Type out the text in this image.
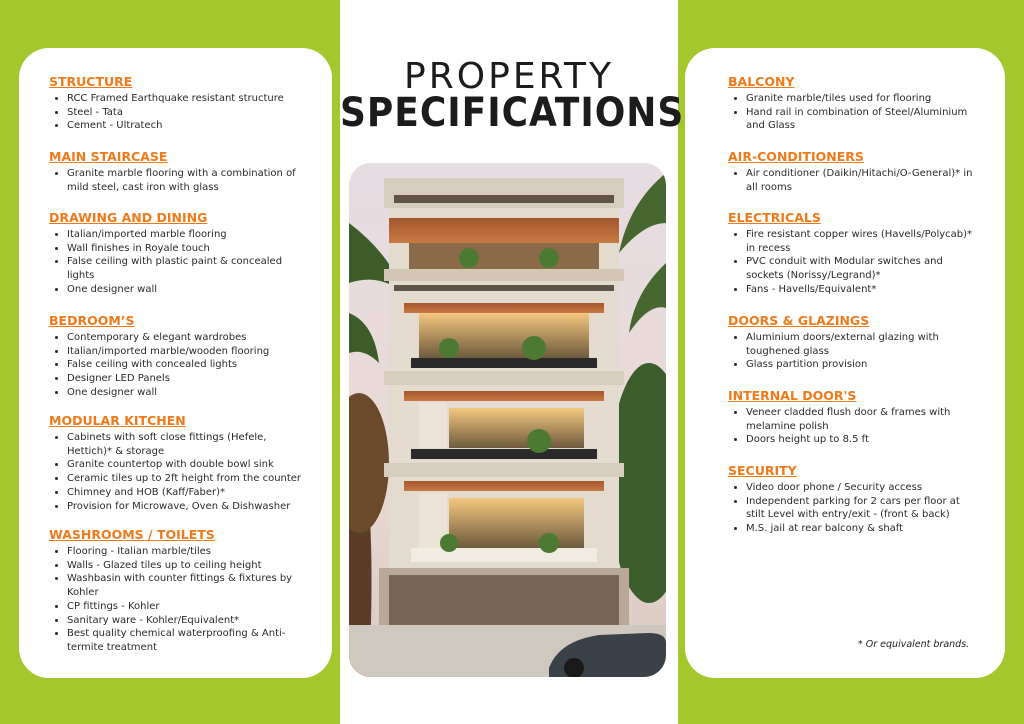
PROPERTY
SPECIFICATIONS
STRUCTURE
• RCC Framed Earthquake resistant structure
• Steel - Tata
• Cement - Ultratech
MAIN STAIRCASE
• Granite marble flooring with a combination of mild steel, cast iron with glass
DRAWING AND DINING
• Italian/imported marble flooring
• Wall finishes in Royale touch
• False ceiling with plastic paint & concealed lights
• One designer wall
BEDROOM’S
• Contemporary & elegant wardrobes
• Italian/imported marble/wooden flooring
• False ceiling with concealed lights
• Designer LED Panels
• One designer wall
MODULAR KITCHEN
• Cabinets with soft close fittings (Hefele, Hettich)* & storage
• Granite countertop with double bowl sink
• Ceramic tiles up to 2ft height from the counter
• Chimney and HOB (Kaff/Faber)*
• Provision for Microwave, Oven & Dishwasher
WASHROOMS / TOILETS
• Flooring - Italian marble/tiles
• Walls - Glazed tiles up to ceiling height
• Washbasin with counter fittings & fixtures by Kohler
• CP fittings - Kohler
• Sanitary ware - Kohler/Equivalent*
• Best quality chemical waterproofing & Anti-termite treatment
BALCONY
• Granite marble/tiles used for flooring
• Hand rail in combination of Steel/Aluminium and Glass
AIR-CONDITIONERS
• Air conditioner (Daikin/Hitachi/O-General)* in all rooms
ELECTRICALS
• Fire resistant copper wires (Havells/Polycab)* in recess
• PVC conduit with Modular switches and sockets (Norissy/Legrand)*
• Fans - Havells/Equivalent*
DOORS & GLAZINGS
• Aluminium doors/external glazing with toughened glass
• Glass partition provision
INTERNAL DOOR'S
• Veneer cladded flush door & frames with melamine polish
• Doors height up to 8.5 ft
SECURITY
• Video door phone / Security access
• Independent parking for 2 cars per floor at stilt Level with entry/exit - (front & back)
• M.S. jail at rear balcony & shaft
* Or equivalent brands.
